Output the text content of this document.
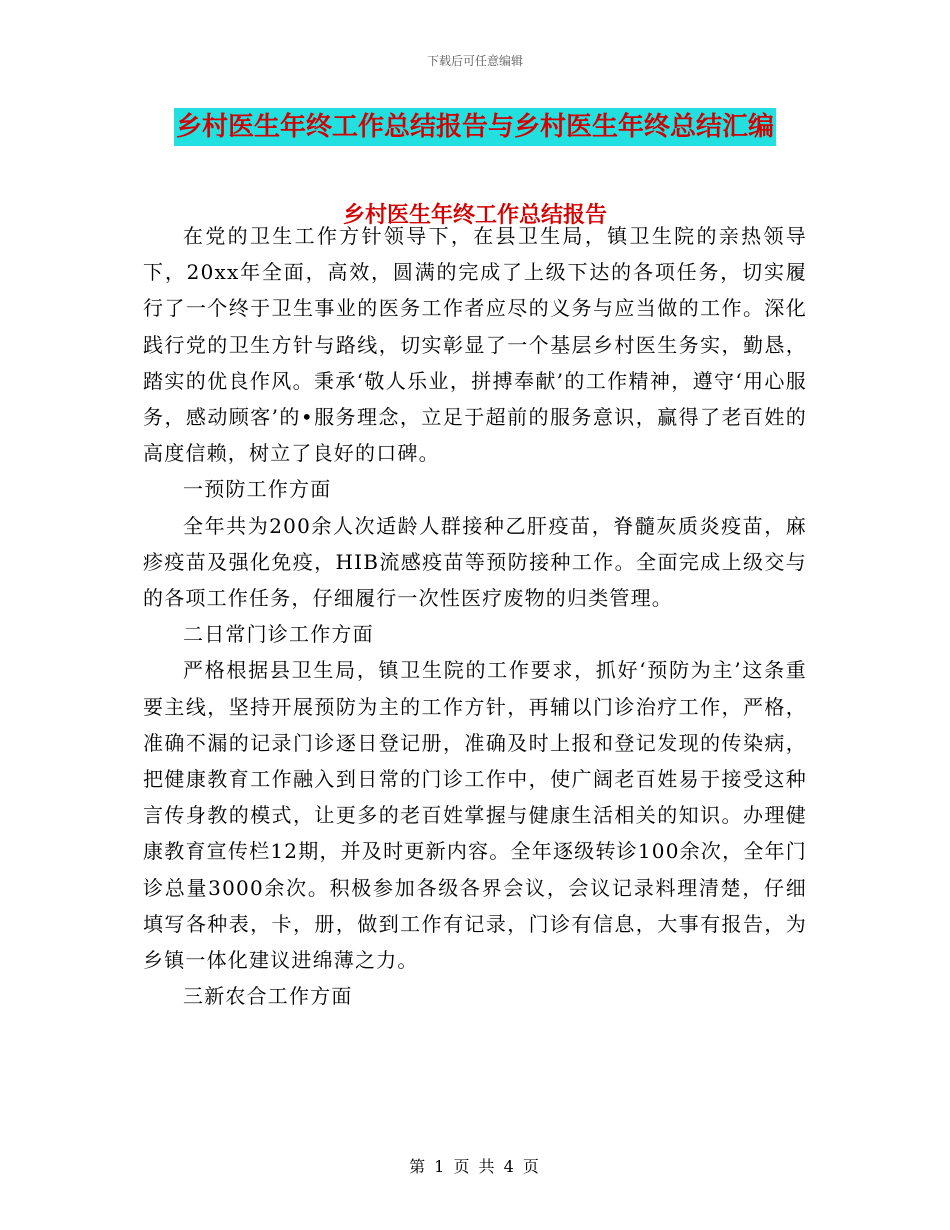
下载后可任意编辑
乡村医生年终工作总结报告与乡村医生年终总结汇编
乡村医生年终工作总结报告

在党的卫生工作方针领导下，在县卫生局，镇卫生院的亲热领导下，20xx年全面，高效，圆满的完成了上级下达的各项任务，切实履行了一个终于卫生事业的医务工作者应尽的义务与应当做的工作。深化践行党的卫生方针与路线，切实彰显了一个基层乡村医生务实，勤恳，踏实的优良作风。秉承‘敬人乐业，拼搏奉献’的工作精神，遵守‘用心服务，感动顾客’的•服务理念，立足于超前的服务意识，赢得了老百姓的高度信赖，树立了良好的口碑。

一预防工作方面

全年共为200余人次适龄人群接种乙肝疫苗，脊髓灰质炎疫苗，麻疹疫苗及强化免疫，HIB流感疫苗等预防接种工作。全面完成上级交与的各项工作任务，仔细履行一次性医疗废物的归类管理。

二日常门诊工作方面

严格根据县卫生局，镇卫生院的工作要求，抓好‘预防为主’这条重要主线，坚持开展预防为主的工作方针，再辅以门诊治疗工作，严格，准确不漏的记录门诊逐日登记册，准确及时上报和登记发现的传染病，把健康教育工作融入到日常的门诊工作中，使广阔老百姓易于接受这种言传身教的模式，让更多的老百姓掌握与健康生活相关的知识。办理健康教育宣传栏12期，并及时更新内容。全年逐级转诊100余次，全年门诊总量3000余次。积极参加各级各界会议，会议记录料理清楚，仔细填写各种表，卡，册，做到工作有记录，门诊有信息，大事有报告，为乡镇一体化建议进绵薄之力。

三新农合工作方面

第 1 页 共 4 页
